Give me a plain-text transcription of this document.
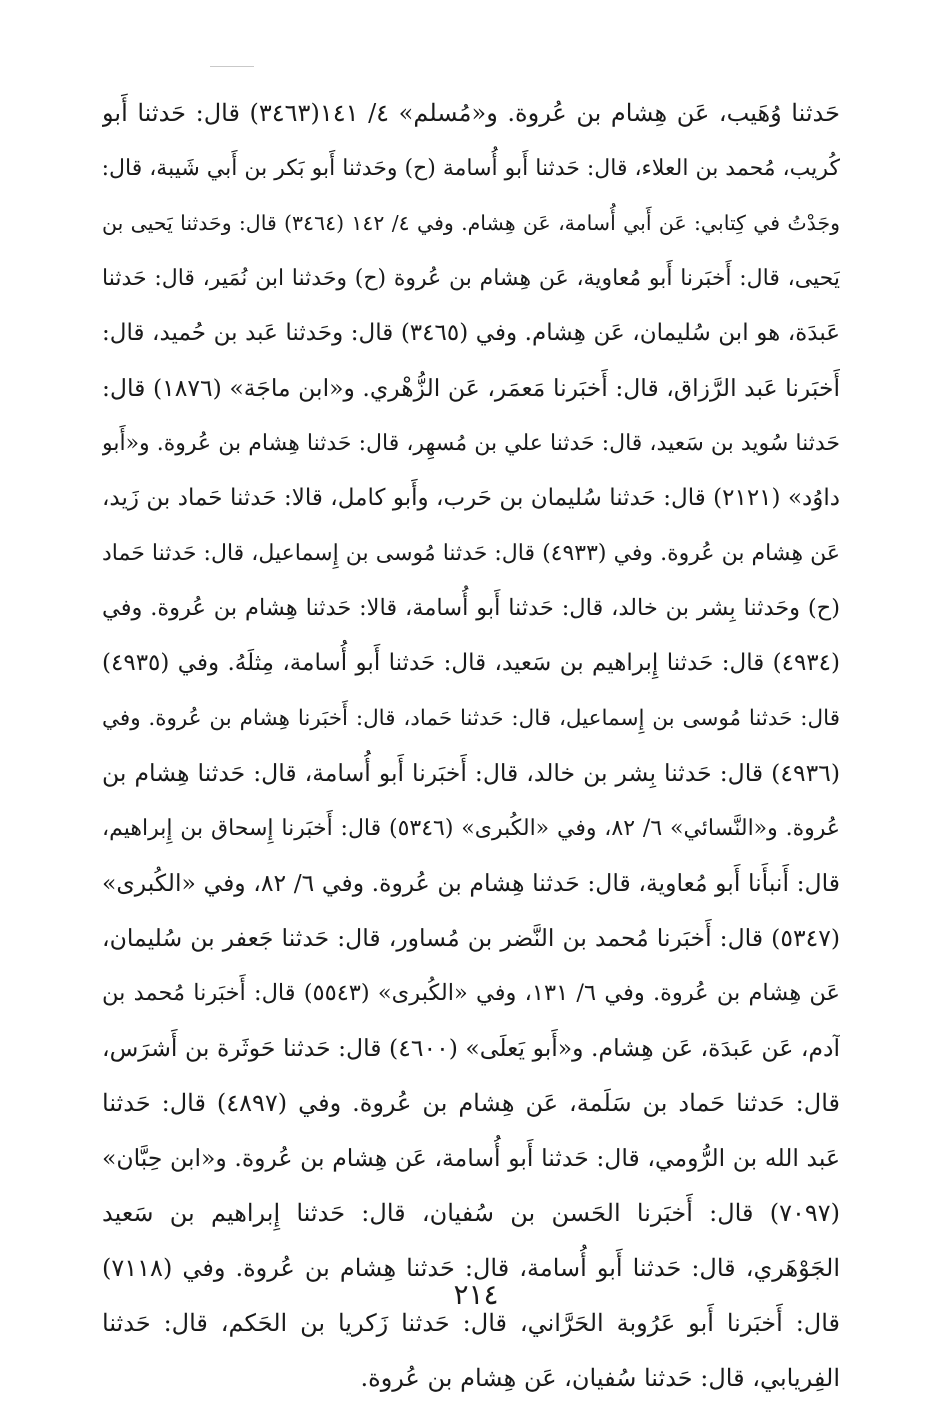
حَدثنا وُهَيب، عَن هِشام بن عُروة. و«مُسلم» ٤/ ١٤١(٣٤٦٣) قال: حَدثنا أَبو
كُريب، مُحمد بن العلاء، قال: حَدثنا أَبو أُسامة (ح) وحَدثنا أَبو بَكر بن أَبي شَيبة، قال:
وجَدْتُ في كِتابي: عَن أَبي أُسامة، عَن هِشام. وفي ٤/ ١٤٢ (٣٤٦٤) قال: وحَدثنا يَحيى بن
يَحيى، قال: أَخبَرنا أَبو مُعاوية، عَن هِشام بن عُروة (ح) وحَدثنا ابن نُمَير، قال: حَدثنا
عَبدَة، هو ابن سُليمان، عَن هِشام. وفي (٣٤٦٥) قال: وحَدثنا عَبد بن حُميد، قال:
أَخبَرنا عَبد الرَّزاق، قال: أَخبَرنا مَعمَر، عَن الزُّهْري. و«ابن ماجَة» (١٨٧٦) قال:
حَدثنا سُويد بن سَعيد، قال: حَدثنا علي بن مُسهِر، قال: حَدثنا هِشام بن عُروة. و«أَبو
داوُد» (٢١٢١) قال: حَدثنا سُليمان بن حَرب، وأَبو كامل، قالا: حَدثنا حَماد بن زَيد،
عَن هِشام بن عُروة. وفي (٤٩٣٣) قال: حَدثنا مُوسى بن إِسماعيل، قال: حَدثنا حَماد
(ح) وحَدثنا بِشر بن خالد، قال: حَدثنا أَبو أُسامة، قالا: حَدثنا هِشام بن عُروة. وفي
(٤٩٣٤) قال: حَدثنا إِبراهيم بن سَعيد، قال: حَدثنا أَبو أُسامة، مِثلَهُ. وفي (٤٩٣٥)
قال: حَدثنا مُوسى بن إِسماعيل، قال: حَدثنا حَماد، قال: أَخبَرنا هِشام بن عُروة. وفي
(٤٩٣٦) قال: حَدثنا بِشر بن خالد، قال: أَخبَرنا أَبو أُسامة، قال: حَدثنا هِشام بن
عُروة. و«النَّسائي» ٦/ ٨٢، وفي «الكُبرى» (٥٣٤٦) قال: أَخبَرنا إِسحاق بن إِبراهيم،
قال: أَنبأَنا أَبو مُعاوية، قال: حَدثنا هِشام بن عُروة. وفي ٦/ ٨٢، وفي «الكُبرى»
(٥٣٤٧) قال: أَخبَرنا مُحمد بن النَّضر بن مُساور، قال: حَدثنا جَعفر بن سُليمان،
عَن هِشام بن عُروة. وفي ٦/ ١٣١، وفي «الكُبرى» (٥٥٤٣) قال: أَخبَرنا مُحمد بن
آدم، عَن عَبدَة، عَن هِشام. و«أَبو يَعلَى» (٤٦٠٠) قال: حَدثنا حَوثَرة بن أَشرَس،
قال: حَدثنا حَماد بن سَلَمة، عَن هِشام بن عُروة. وفي (٤٨٩٧) قال: حَدثنا
عَبد الله بن الرُّومي، قال: حَدثنا أَبو أُسامة، عَن هِشام بن عُروة. و«ابن حِبَّان»
(٧٠٩٧) قال: أَخبَرنا الحَسن بن سُفيان، قال: حَدثنا إِبراهيم بن سَعيد
الجَوْهَري، قال: حَدثنا أَبو أُسامة، قال: حَدثنا هِشام بن عُروة. وفي (٧١١٨)
قال: أَخبَرنا أَبو عَرُوبة الحَرَّاني، قال: حَدثنا زَكريا بن الحَكم، قال: حَدثنا
الفِريابي، قال: حَدثنا سُفيان، عَن هِشام بن عُروة.
٢١٤
